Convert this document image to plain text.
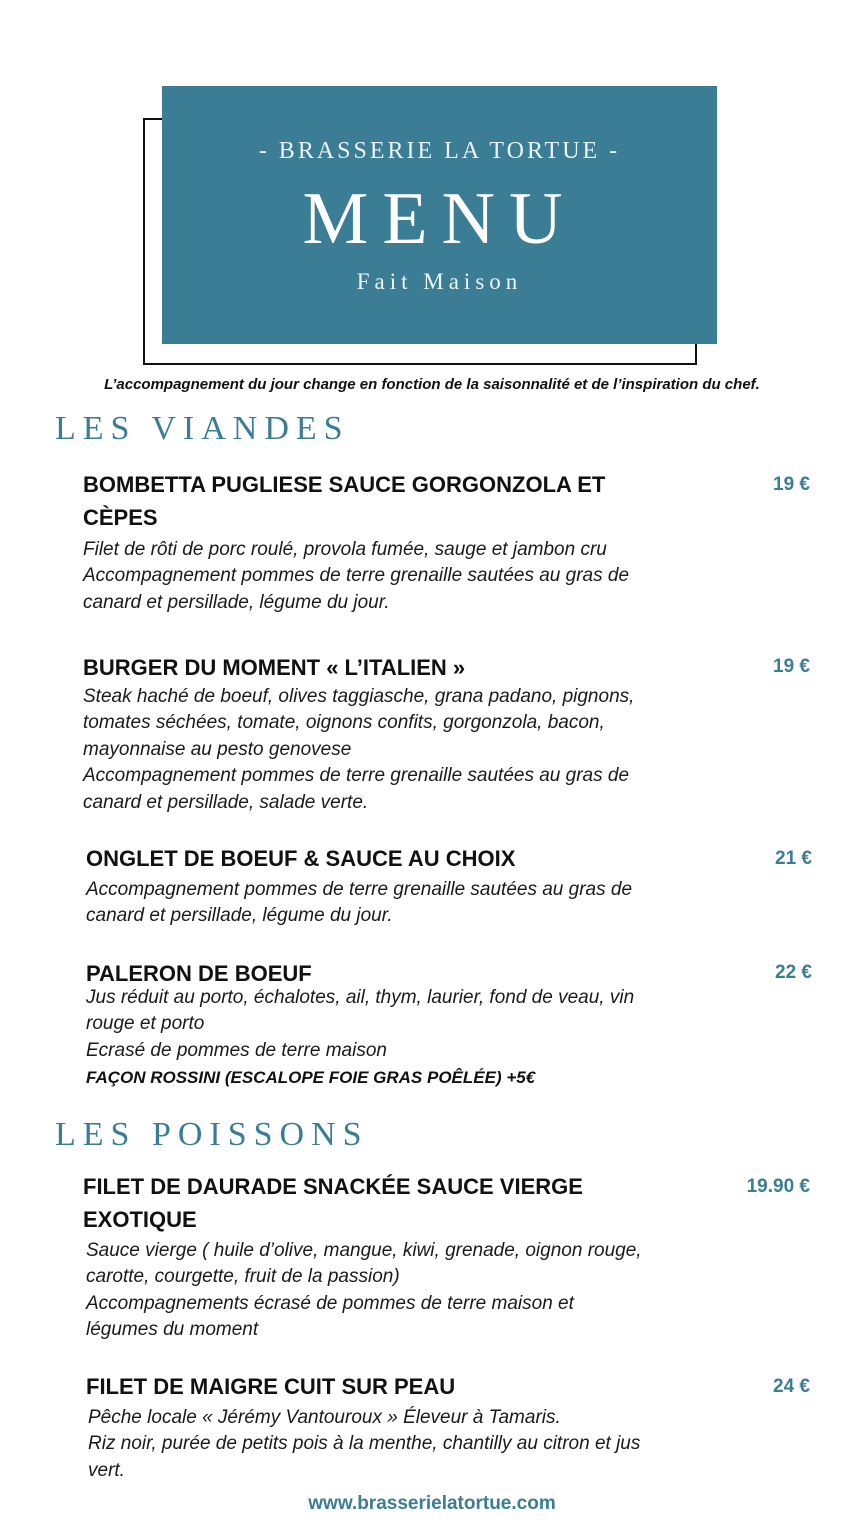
- BRASSERIE LA TORTUE -
MENU
Fait Maison
L’accompagnement du jour change en fonction de la saisonnalité et de l’inspiration du chef.
LES VIANDES
BOMBETTA PUGLIESE SAUCE GORGONZOLA ET
CÈPES
Filet de rôti de porc roulé, provola fumée, sauge et jambon cru
Accompagnement pommes de terre grenaille sautées au gras de
canard et persillade, légume du jour.
19 €
BURGER DU MOMENT « L’ITALIEN »
Steak haché de boeuf, olives taggiasche, grana padano, pignons,
tomates séchées, tomate, oignons confits, gorgonzola, bacon,
mayonnaise au pesto genovese
Accompagnement pommes de terre grenaille sautées au gras de
canard et persillade, salade verte.
19 €
ONGLET DE BOEUF & SAUCE AU CHOIX
Accompagnement pommes de terre grenaille sautées au gras de
canard et persillade, légume du jour.
21 €
PALERON DE BOEUF
Jus réduit au porto, échalotes, ail, thym, laurier, fond de veau, vin
rouge et porto
Ecrasé de pommes de terre maison
FAÇON ROSSINI (ESCALOPE FOIE GRAS POÊLÉE) +5€
22 €
LES POISSONS
FILET DE DAURADE SNACKÉE SAUCE VIERGE
EXOTIQUE
Sauce vierge ( huile d’olive, mangue, kiwi, grenade, oignon rouge,
carotte, courgette, fruit de la passion)
Accompagnements écrasé de pommes de terre maison et
légumes du moment
19.90 €
FILET DE MAIGRE CUIT SUR PEAU
Pêche locale « Jérémy Vantouroux » Éleveur à Tamaris.
Riz noir, purée de petits pois à la menthe, chantilly au citron et jus
vert.
24 €
www.brasserielatortue.com
